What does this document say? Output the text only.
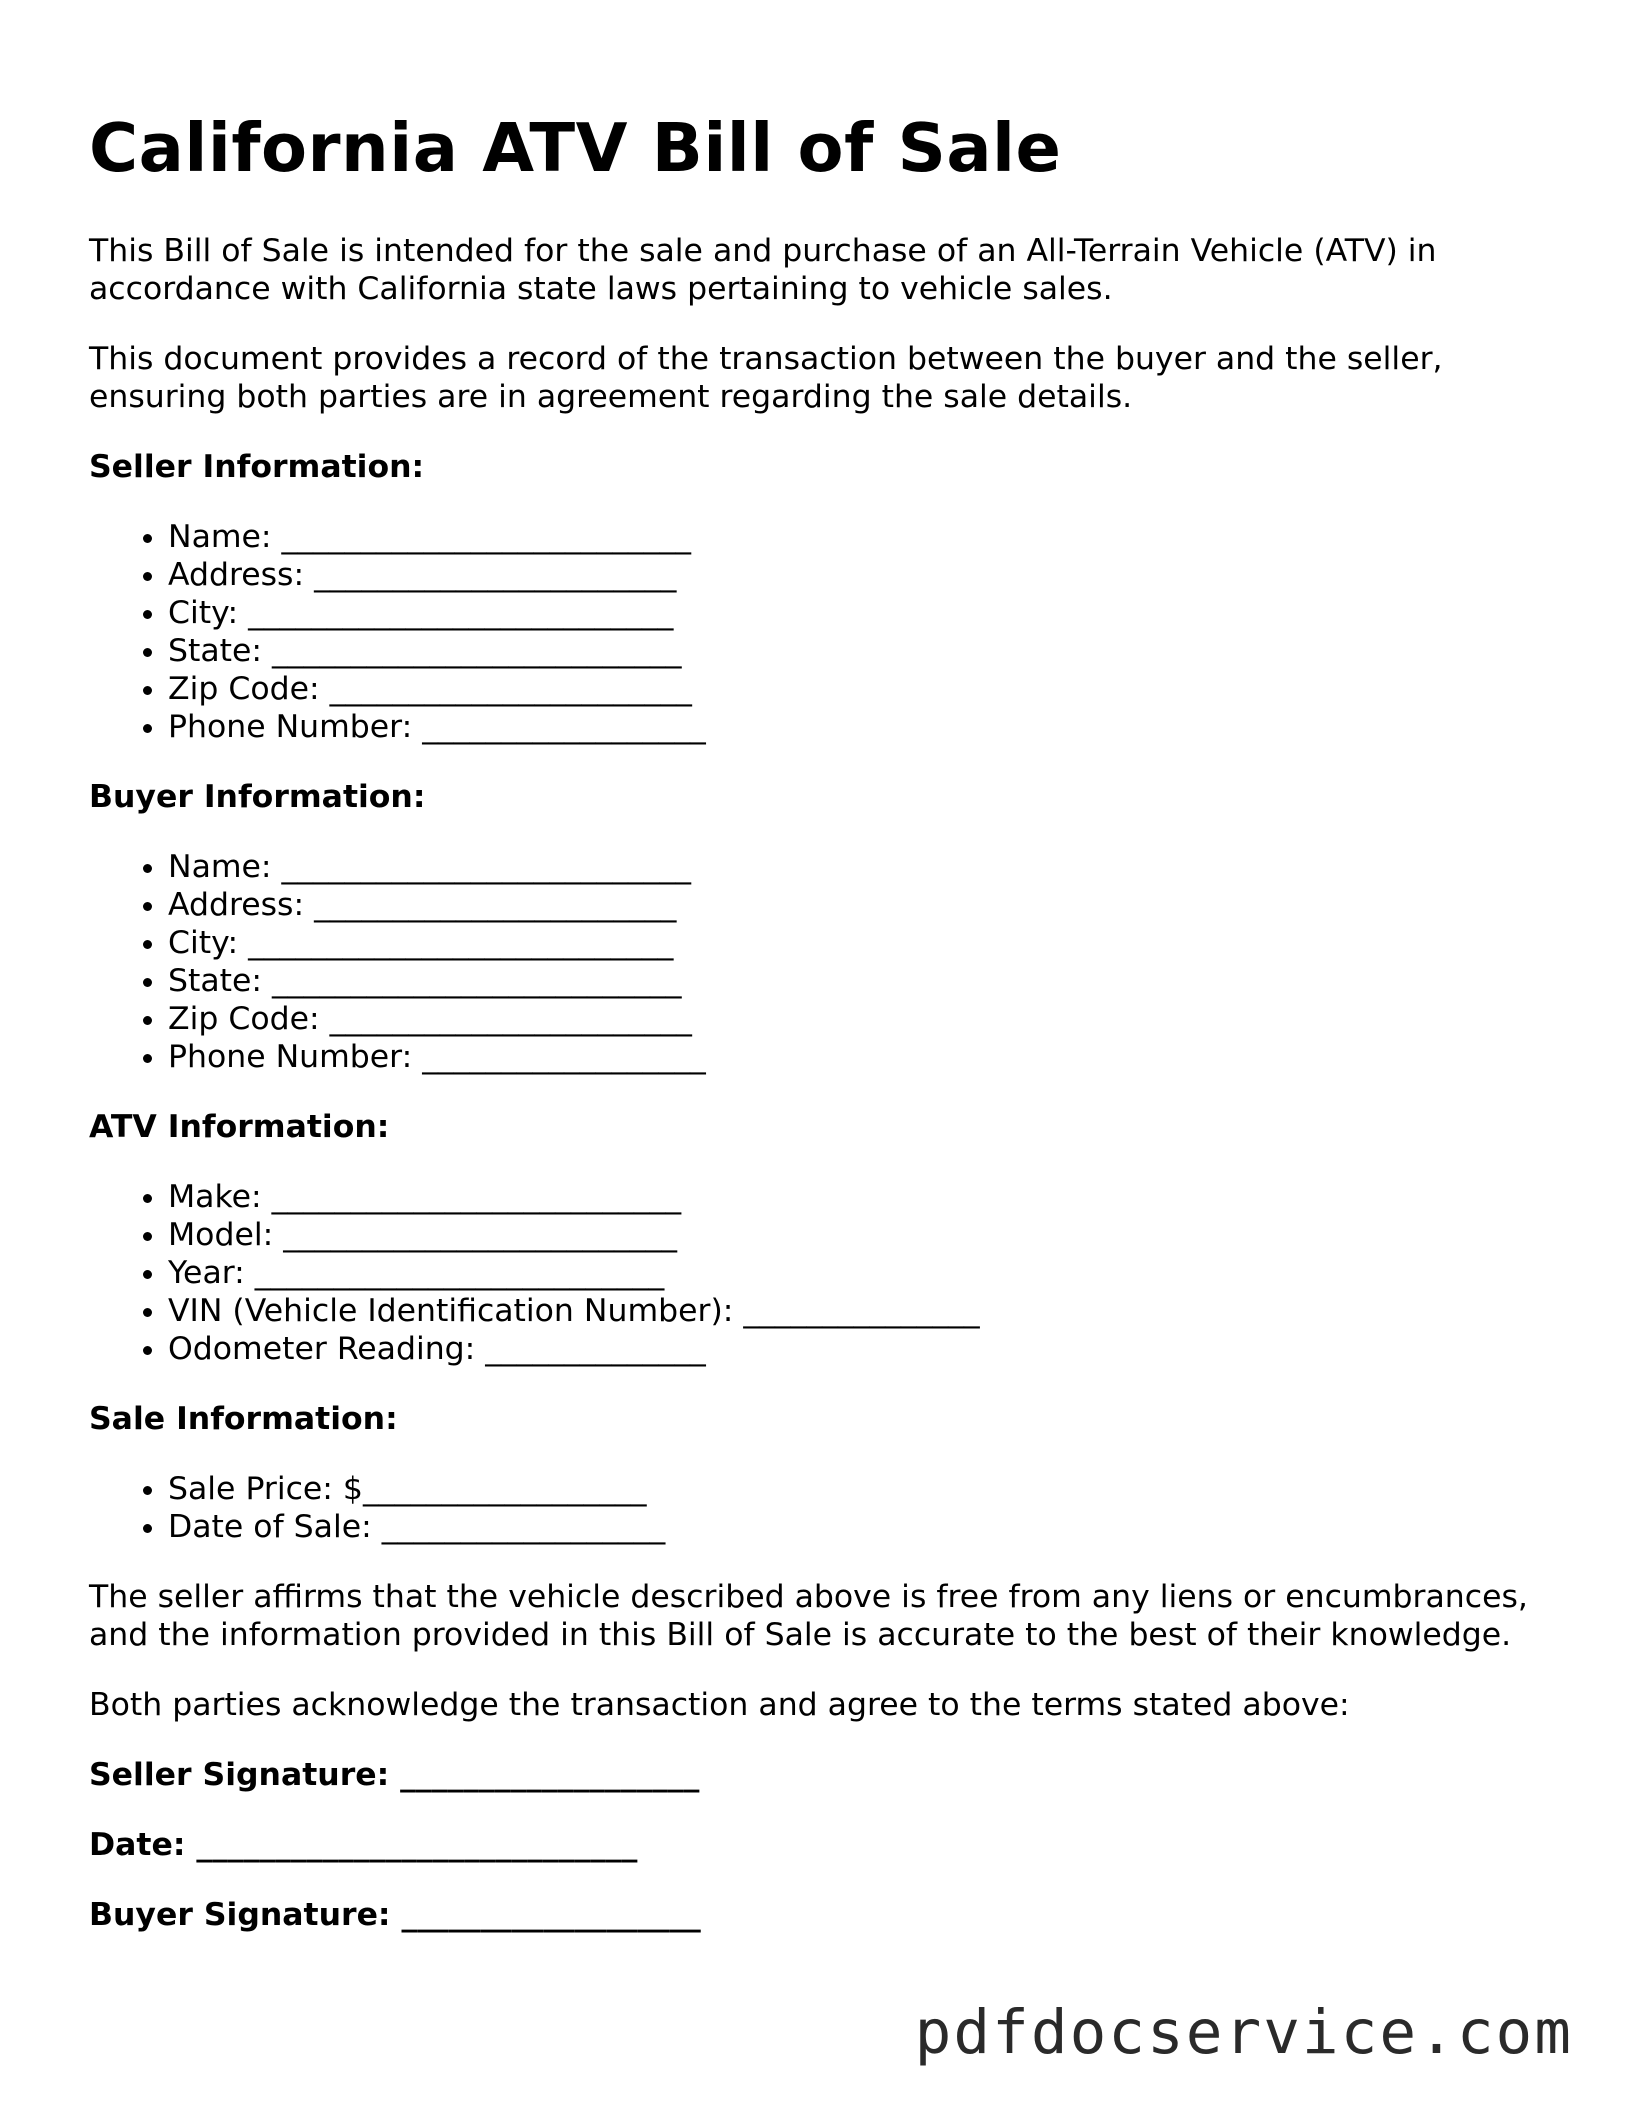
California ATV Bill of Sale

This Bill of Sale is intended for the sale and purchase of an All-Terrain Vehicle (ATV) in accordance with California state laws pertaining to vehicle sales.

This document provides a record of the transaction between the buyer and the seller, ensuring both parties are in agreement regarding the sale details.

Seller Information:
• Name: __________________________
• Address: _______________________
• City: ___________________________
• State: __________________________
• Zip Code: _______________________
• Phone Number: __________________
Buyer Information:
• Name: __________________________
• Address: _______________________
• City: ___________________________
• State: __________________________
• Zip Code: _______________________
• Phone Number: __________________
ATV Information:
• Make: __________________________
• Model: _________________________
• Year: __________________________
• VIN (Vehicle Identification Number): _______________
• Odometer Reading: ______________
Sale Information:
• Sale Price: $__________________
• Date of Sale: __________________

The seller affirms that the vehicle described above is free from any liens or encumbrances, and the information provided in this Bill of Sale is accurate to the best of their knowledge.

Both parties acknowledge the transaction and agree to the terms stated above:

Seller Signature: ___________________
Date: ____________________________
Buyer Signature: ___________________
pdfdocservice.com
